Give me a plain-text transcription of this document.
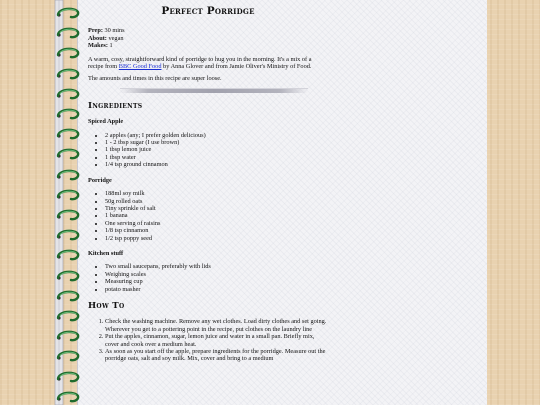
Perfect Porridge

Prep: 30 mins

About: vegan

Makes: 1

A warm, cosy, straightforward kind of porridge to hug you in the morning. It's a mix of a recipe from BBC Good Food by Anna Glover and from Jamie Oliver's Ministry of Food.

The amounts and times in this recipe are super loose.

Ingredients
Spiced Apple
• 2 apples (any; I prefer golden delicious)
• 1 - 2 tbsp sugar (I use brown)
• 1 tbsp lemon juice
• 1 tbsp water
• 1/4 tsp ground cinnamon
Porridge
• 188ml soy milk
• 50g rolled oats
• Tiny sprinkle of salt
• 1 banana
• One serving of raisins
• 1/8 tsp cinnamon
• 1/2 tsp poppy seed
Kitchen stuff
• Two small saucepans, preferably with lids
• Weighing scales
• Measuring cup
• potato masher
How To
1. Check the washing machine. Remove any wet clothes. Load dirty clothes and set going. Wherever you get to a pottering point in the recipe, put clothes on the laundry line
2. Put the apples, cinnamon, sugar, lemon juice and water in a small pan. Briefly mix, cover and cook over a medium heat.
3. As soon as you start off the apple, prepare ingredients for the porridge. Measure out the porridge oats, salt and soy milk. Mix, cover and bring to a medium
